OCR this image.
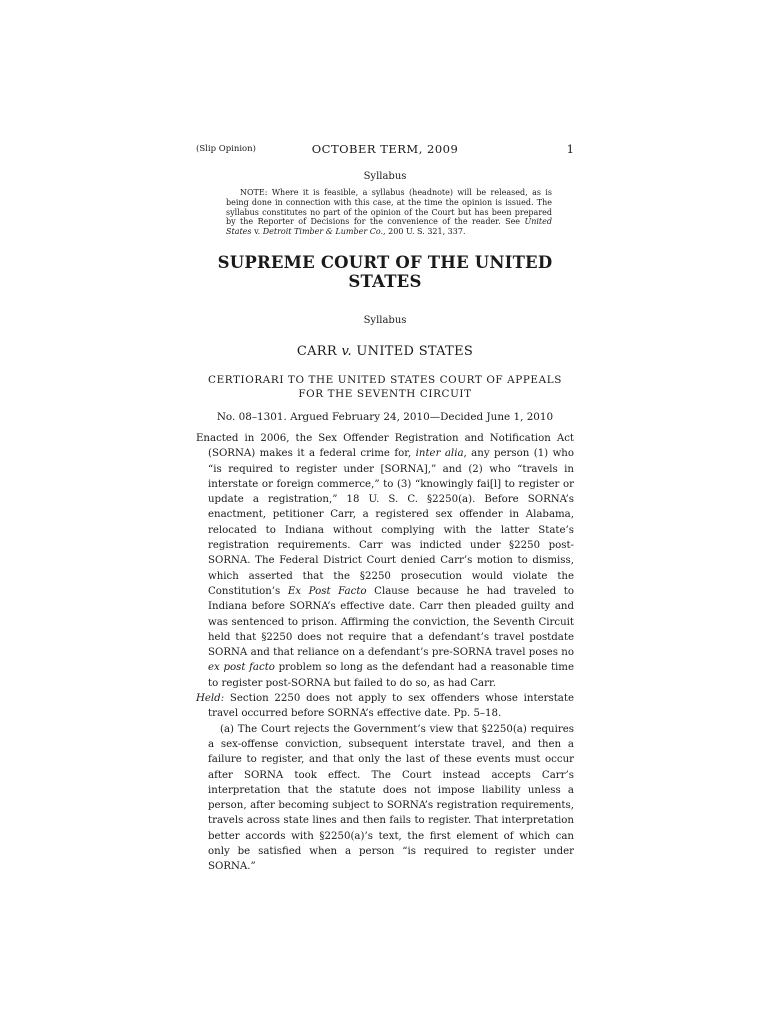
(Slip Opinion)	OCTOBER TERM, 2009	1
Syllabus
NOTE: Where it is feasible, a syllabus (headnote) will be released, as is being done in connection with this case, at the time the opinion is issued. The syllabus constitutes no part of the opinion of the Court but has been prepared by the Reporter of Decisions for the convenience of the reader. See United States v. Detroit Timber & Lumber Co., 200 U. S. 321, 337.
SUPREME COURT OF THE UNITED STATES
Syllabus
CARR v. UNITED STATES
CERTIORARI TO THE UNITED STATES COURT OF APPEALS FOR THE SEVENTH CIRCUIT
No. 08–1301. Argued February 24, 2010—Decided June 1, 2010

Enacted in 2006, the Sex Offender Registration and Notification Act (SORNA) makes it a federal crime for, inter alia, any person (1) who “is required to register under [SORNA],” and (2) who “travels in interstate or foreign commerce,” to (3) “knowingly fai[l] to register or update a registration,” 18 U. S. C. §2250(a). Before SORNA’s enactment, petitioner Carr, a registered sex offender in Alabama, relocated to Indiana without complying with the latter State’s registration requirements. Carr was indicted under §2250 post-SORNA. The Federal District Court denied Carr’s motion to dismiss, which asserted that the §2250 prosecution would violate the Constitution’s Ex Post Facto Clause because he had traveled to Indiana before SORNA’s effective date. Carr then pleaded guilty and was sentenced to prison. Affirming the conviction, the Seventh Circuit held that §2250 does not require that a defendant’s travel postdate SORNA and that reliance on a defendant’s pre-SORNA travel poses no ex post facto problem so long as the defendant had a reasonable time to register post-SORNA but failed to do so, as had Carr.

Held: Section 2250 does not apply to sex offenders whose interstate travel occurred before SORNA’s effective date. Pp. 5–18.

(a) The Court rejects the Government’s view that §2250(a) requires a sex-offense conviction, subsequent interstate travel, and then a failure to register, and that only the last of these events must occur after SORNA took effect. The Court instead accepts Carr’s interpretation that the statute does not impose liability unless a person, after becoming subject to SORNA’s registration requirements, travels across state lines and then fails to register. That interpretation better accords with §2250(a)’s text, the first element of which can only be satisfied when a person “is required to register under SORNA.”
